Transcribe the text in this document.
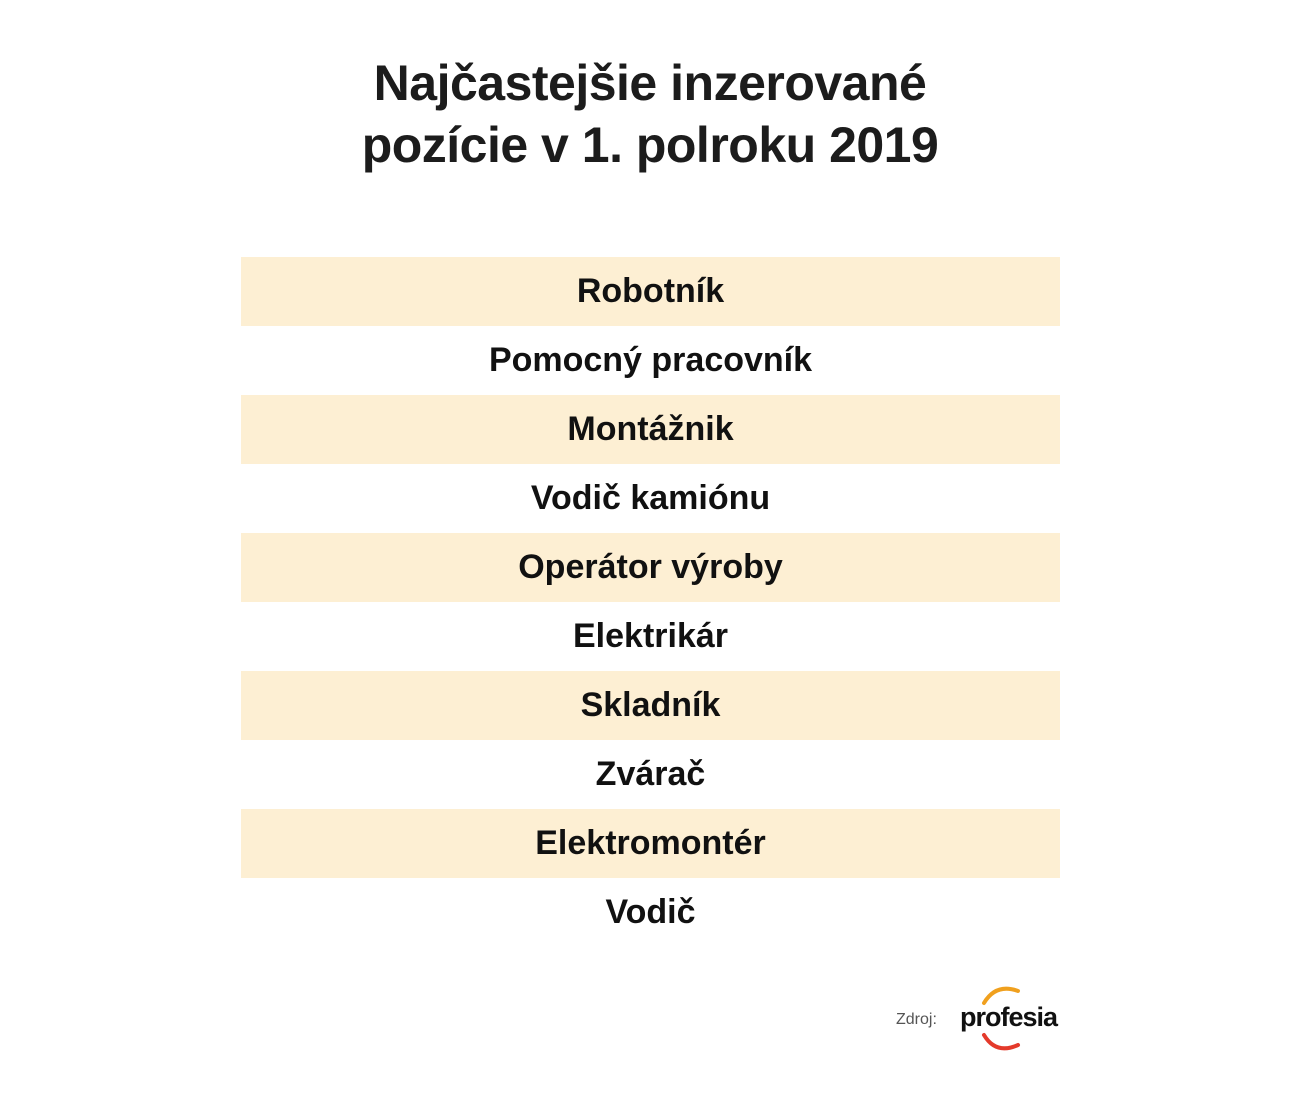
Najčastejšie inzerované
pozície v 1. polroku 2019
Robotník
Pomocný pracovník
Montážnik
Vodič kamiónu
Operátor výroby
Elektrikár
Skladník
Zvárač
Elektromontér
Vodič
Zdroj: profesia
